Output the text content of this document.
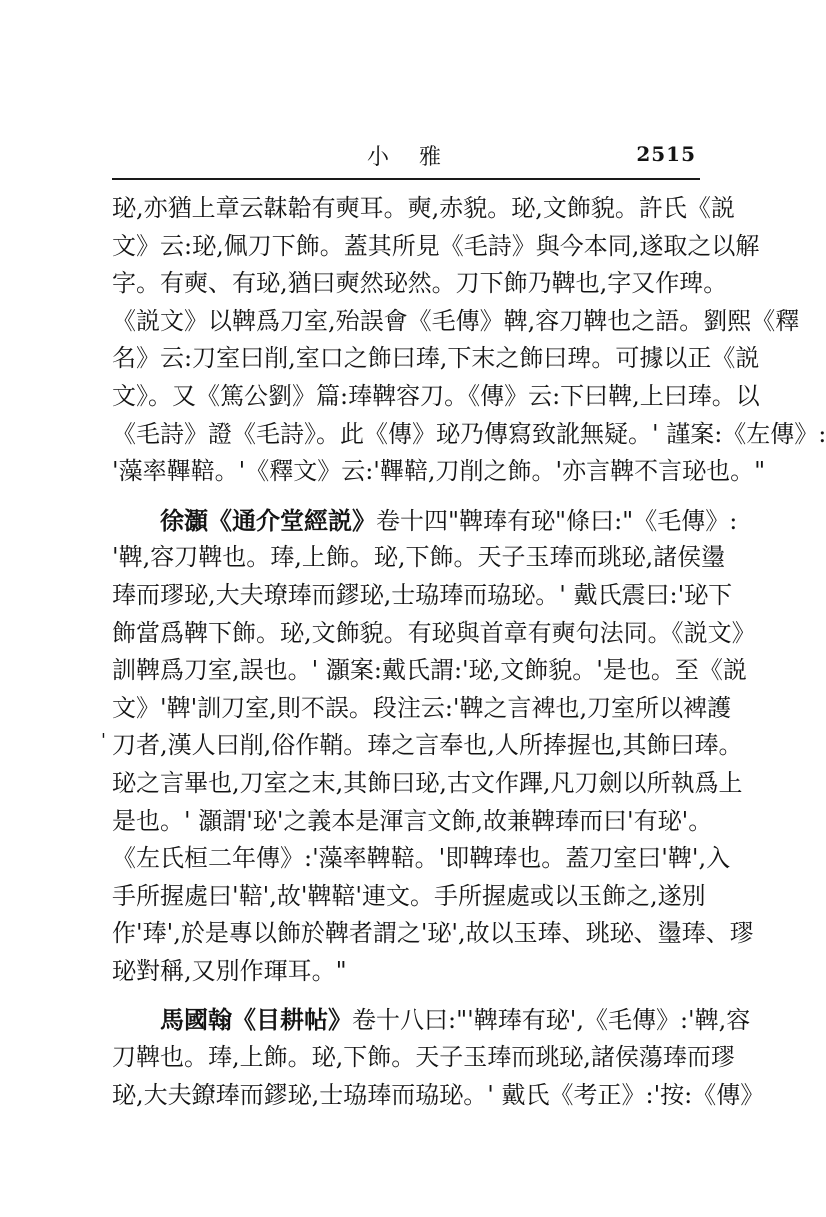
小雅	2515
'

珌,亦猶上章云韎韐有奭耳。奭,赤貌。珌,文飾貌。許氏《説
文》云:珌,佩刀下飾。蓋其所見《毛詩》與今本同,遂取之以解
字。有奭、有珌,猶曰奭然珌然。刀下飾乃鞞也,字又作琕。
《説文》以鞞爲刀室,殆誤會《毛傳》鞞,容刀鞞也之語。劉熙《釋
名》云:刀室曰削,室口之飾曰琫,下末之飾曰琕。可據以正《説
文》。又《篤公劉》篇:琫鞞容刀。《傳》云:下曰鞞,上曰琫。以
《毛詩》證《毛詩》。此《傳》珌乃傳寫致訛無疑。' 謹案:《左傳》:
'藻率鞸鞛。'《釋文》云:'鞸鞛,刀削之飾。'亦言鞞不言珌也。"

徐灝《通介堂經説》卷十四"鞞琫有珌"條曰:"《毛傳》:
'鞞,容刀鞞也。琫,上飾。珌,下飾。天子玉琫而珧珌,諸侯璗
琫而璆珌,大夫璙琫而鏐珌,士珕琫而珕珌。' 戴氏震曰:'珌下
飾當爲鞞下飾。珌,文飾貌。有珌與首章有奭句法同。《説文》
訓鞞爲刀室,誤也。' 灝案:戴氏謂:'珌,文飾貌。'是也。至《説
文》'鞞'訓刀室,則不誤。段注云:'鞞之言裨也,刀室所以裨護
刀者,漢人曰削,俗作鞘。琫之言奉也,人所捧握也,其飾曰琫。
珌之言畢也,刀室之末,其飾曰珌,古文作蹕,凡刀劍以所執爲上
是也。' 灝謂'珌'之義本是渾言文飾,故兼鞞琫而曰'有珌'。
《左氏桓二年傳》:'藻率鞞鞛。'即鞞琫也。蓋刀室曰'鞞',入
手所握處曰'鞛',故'鞞鞛'連文。手所握處或以玉飾之,遂別
作'琫',於是專以飾於鞞者謂之'珌',故以玉琫、珧珌、璗琫、璆
珌對稱,又別作琿耳。"

馬國翰《目耕帖》卷十八曰:"'鞞琫有珌',《毛傳》:'鞞,容
刀鞞也。琫,上飾。珌,下飾。天子玉琫而珧珌,諸侯蕩琫而璆
珌,大夫鐐琫而鏐珌,士珕琫而珕珌。' 戴氏《考正》:'按:《傳》
